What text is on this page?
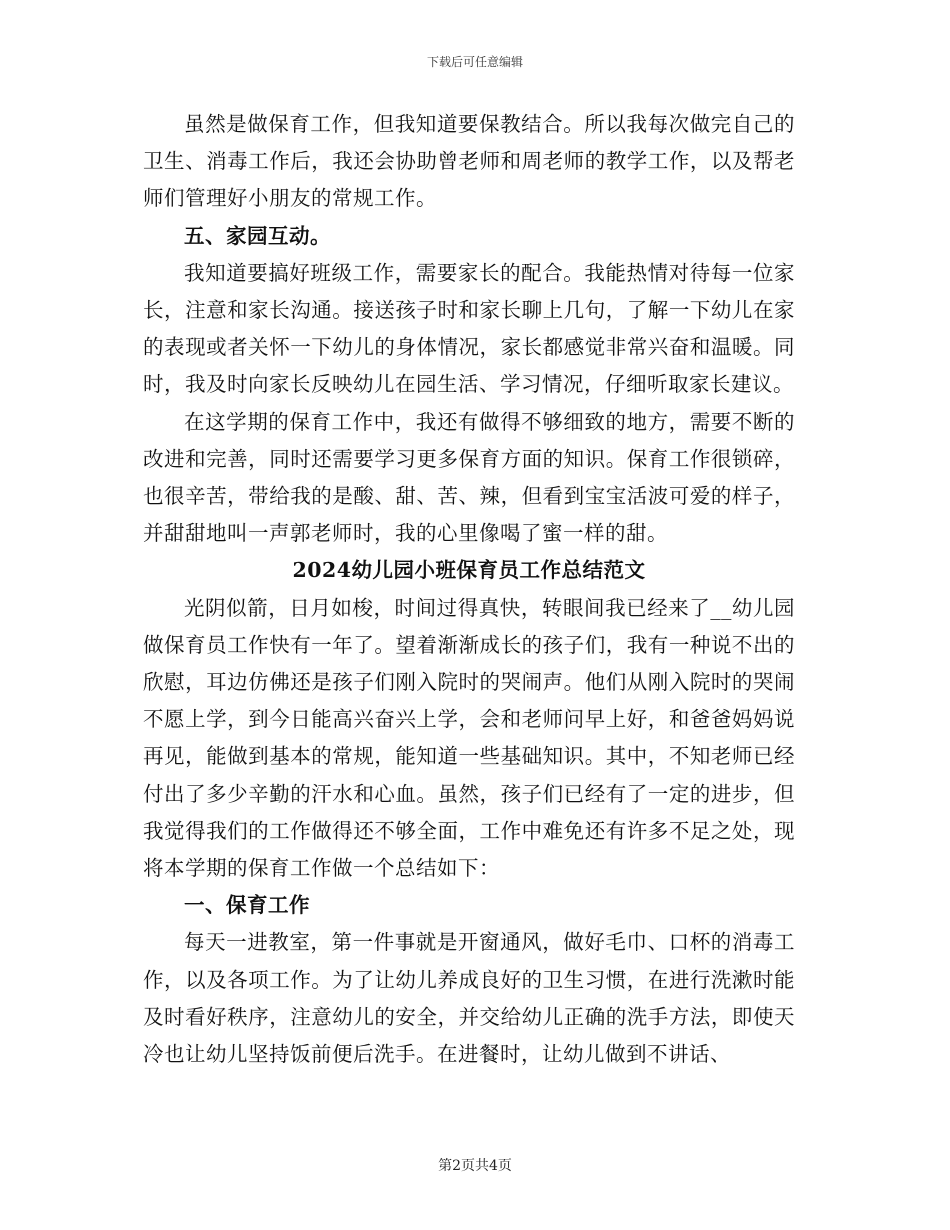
下载后可任意编辑

虽然是做保育工作，但我知道要保教结合。所以我每次做完自己的卫生、消毒工作后，我还会协助曾老师和周老师的教学工作，以及帮老师们管理好小朋友的常规工作。

五、家园互动。

我知道要搞好班级工作，需要家长的配合。我能热情对待每一位家长，注意和家长沟通。接送孩子时和家长聊上几句，了解一下幼儿在家的表现或者关怀一下幼儿的身体情况，家长都感觉非常兴奋和温暖。同时，我及时向家长反映幼儿在园生活、学习情况，仔细听取家长建议。

在这学期的保育工作中，我还有做得不够细致的地方，需要不断的改进和完善，同时还需要学习更多保育方面的知识。保育工作很锁碎，也很辛苦，带给我的是酸、甜、苦、辣，但看到宝宝活波可爱的样子，并甜甜地叫一声郭老师时，我的心里像喝了蜜一样的甜。

2024幼儿园小班保育员工作总结范文

光阴似箭，日月如梭，时间过得真快，转眼间我已经来了__幼儿园做保育员工作快有一年了。望着渐渐成长的孩子们，我有一种说不出的欣慰，耳边仿佛还是孩子们刚入院时的哭闹声。他们从刚入院时的哭闹不愿上学，到今日能高兴奋兴上学，会和老师问早上好，和爸爸妈妈说再见，能做到基本的常规，能知道一些基础知识。其中，不知老师已经付出了多少辛勤的汗水和心血。虽然，孩子们已经有了一定的进步，但我觉得我们的工作做得还不够全面，工作中难免还有许多不足之处，现将本学期的保育工作做一个总结如下：

一、保育工作

每天一进教室，第一件事就是开窗通风，做好毛巾、口杯的消毒工作，以及各项工作。为了让幼儿养成良好的卫生习惯，在进行洗漱时能及时看好秩序，注意幼儿的安全，并交给幼儿正确的洗手方法，即使天冷也让幼儿坚持饭前便后洗手。在进餐时，让幼儿做到不讲话、

第2页共4页
